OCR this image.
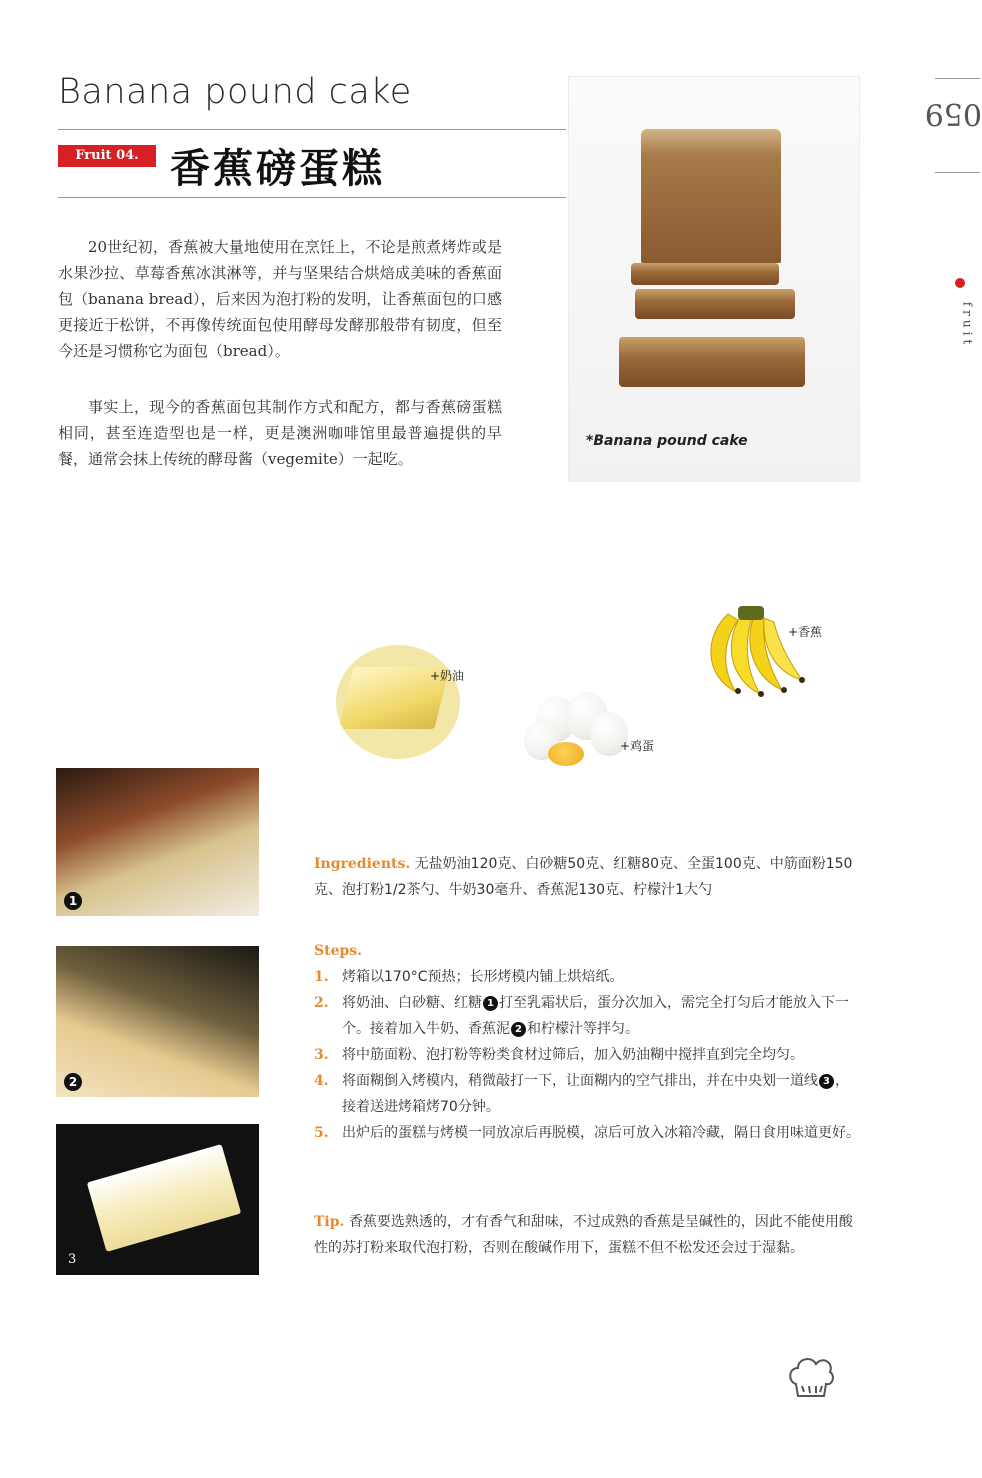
Banana pound cake
Fruit 04. 香蕉磅蛋糕
059
fruit

20世纪初，香蕉被大量地使用在烹饪上，不论是煎煮烤炸或是水果沙拉、草莓香蕉冰淇淋等，并与坚果结合烘焙成美味的香蕉面包（banana bread），后来因为泡打粉的发明，让香蕉面包的口感更接近于松饼，不再像传统面包使用酵母发酵那般带有韧度，但至今还是习惯称它为面包（bread）。

事实上，现今的香蕉面包其制作方式和配方，都与香蕉磅蛋糕相同，甚至连造型也是一样，更是澳洲咖啡馆里最普遍提供的早餐，通常会抹上传统的酵母酱（vegemite）一起吃。

*Banana pound cake
+奶油
+鸡蛋
+香蕉
1
2
3
Ingredients. 无盐奶油120克、白砂糖50克、红糖80克、全蛋100克、中筋面粉150克、泡打粉1/2茶勺、牛奶30毫升、香蕉泥130克、柠檬汁1大勺
Steps.
1. 烤箱以170°C预热；长形烤模内铺上烘焙纸。
2. 将奶油、白砂糖、红糖 1 打至乳霜状后，蛋分次加入，需完全打匀后才能放入下一个。接着加入牛奶、香蕉泥 2 和柠檬汁等拌匀。
3. 将中筋面粉、泡打粉等粉类食材过筛后，加入奶油糊中搅拌直到完全均匀。
4. 将面糊倒入烤模内，稍微敲打一下，让面糊内的空气排出，并在中央划一道线 3 ，接着送进烤箱烤70分钟。
5. 出炉后的蛋糕与烤模一同放凉后再脱模，凉后可放入冰箱冷藏，隔日食用味道更好。
Tip. 香蕉要选熟透的，才有香气和甜味，不过成熟的香蕉是呈碱性的，因此不能使用酸性的苏打粉来取代泡打粉，否则在酸碱作用下，蛋糕不但不松发还会过于湿黏。
